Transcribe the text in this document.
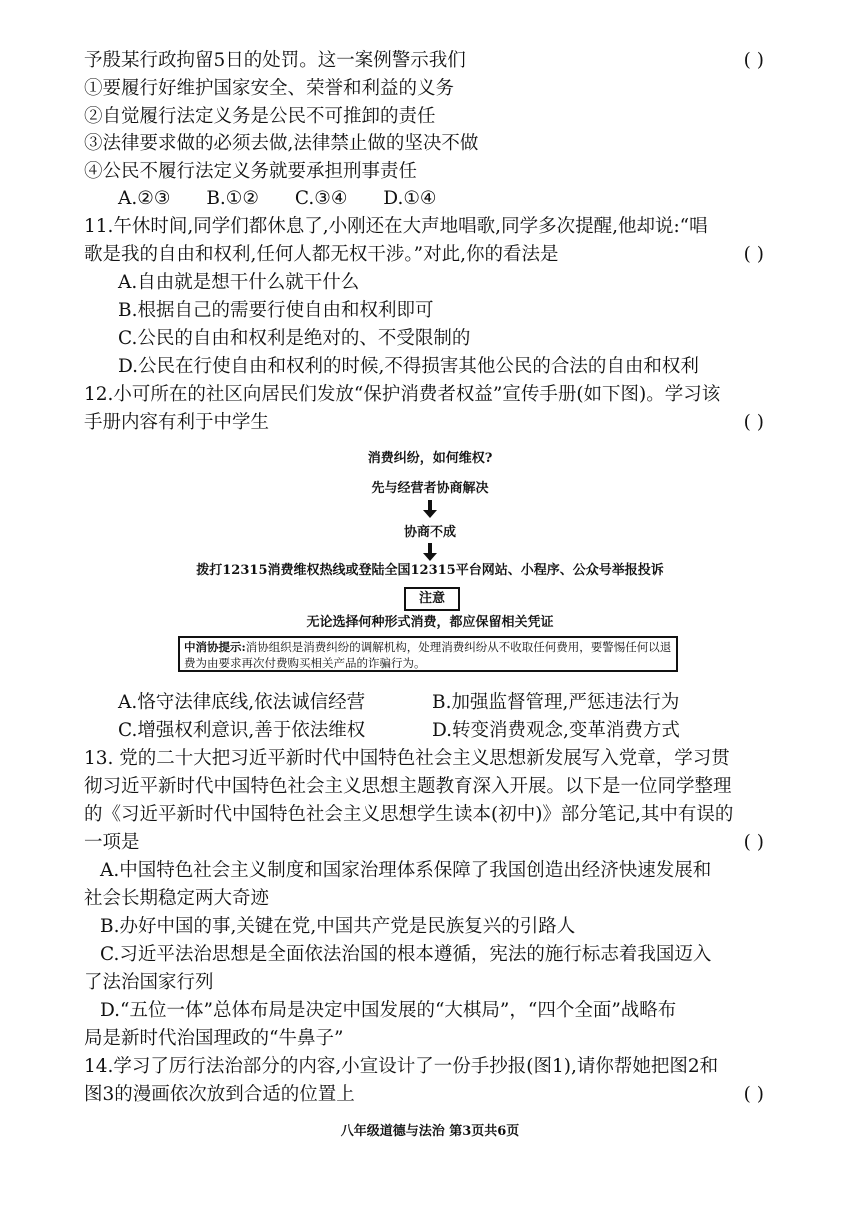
予殷某行政拘留5日的处罚。这一案例警示我们	( )
①要履行好维护国家安全、荣誉和利益的义务
②自觉履行法定义务是公民不可推卸的责任
③法律要求做的必须去做,法律禁止做的坚决不做
④公民不履行法定义务就要承担刑事责任
A.②③ B.①② C.③④ D.①④
11.午休时间,同学们都休息了,小刚还在大声地唱歌,同学多次提醒,他却说:“唱
歌是我的自由和权利,任何人都无权干涉。”对此,你的看法是	( )
A.自由就是想干什么就干什么
B.根据自己的需要行使自由和权利即可
C.公民的自由和权利是绝对的、不受限制的
D.公民在行使自由和权利的时候,不得损害其他公民的合法的自由和权利
12.小可所在的社区向居民们发放“保护消费者权益”宣传手册(如下图)。学习该
手册内容有利于中学生	( )
消费纠纷，如何维权?
先与经营者协商解决
协商不成
拨打12315消费维权热线或登陆全国12315平台网站、小程序、公众号举报投诉
注意
无论选择何种形式消费，都应保留相关凭证
中消协提示:消协组织是消费纠纷的调解机构，处理消费纠纷从不收取任何费用，要警惕任何以退费为由要求再次付费购买相关产品的诈骗行为。
A.恪守法律底线,依法诚信经营	B.加强监督管理,严惩违法行为
C.增强权利意识,善于依法维权	D.转变消费观念,变革消费方式
13. 党的二十大把习近平新时代中国特色社会主义思想新发展写入党章，学习贯
彻习近平新时代中国特色社会主义思想主题教育深入开展。以下是一位同学整理
的《习近平新时代中国特色社会主义思想学生读本(初中)》部分笔记,其中有误的
一项是	( )
A.中国特色社会主义制度和国家治理体系保障了我国创造出经济快速发展和
社会长期稳定两大奇迹
B.办好中国的事,关键在党,中国共产党是民族复兴的引路人
C.习近平法治思想是全面依法治国的根本遵循，宪法的施行标志着我国迈入
了法治国家行列
D.“五位一体”总体布局是决定中国发展的“大棋局”，“四个全面”战略布
局是新时代治国理政的“牛鼻子”
14.学习了厉行法治部分的内容,小宣设计了一份手抄报(图1),请你帮她把图2和
图3的漫画依次放到合适的位置上	( )
八年级道德与法治 第3页共6页
